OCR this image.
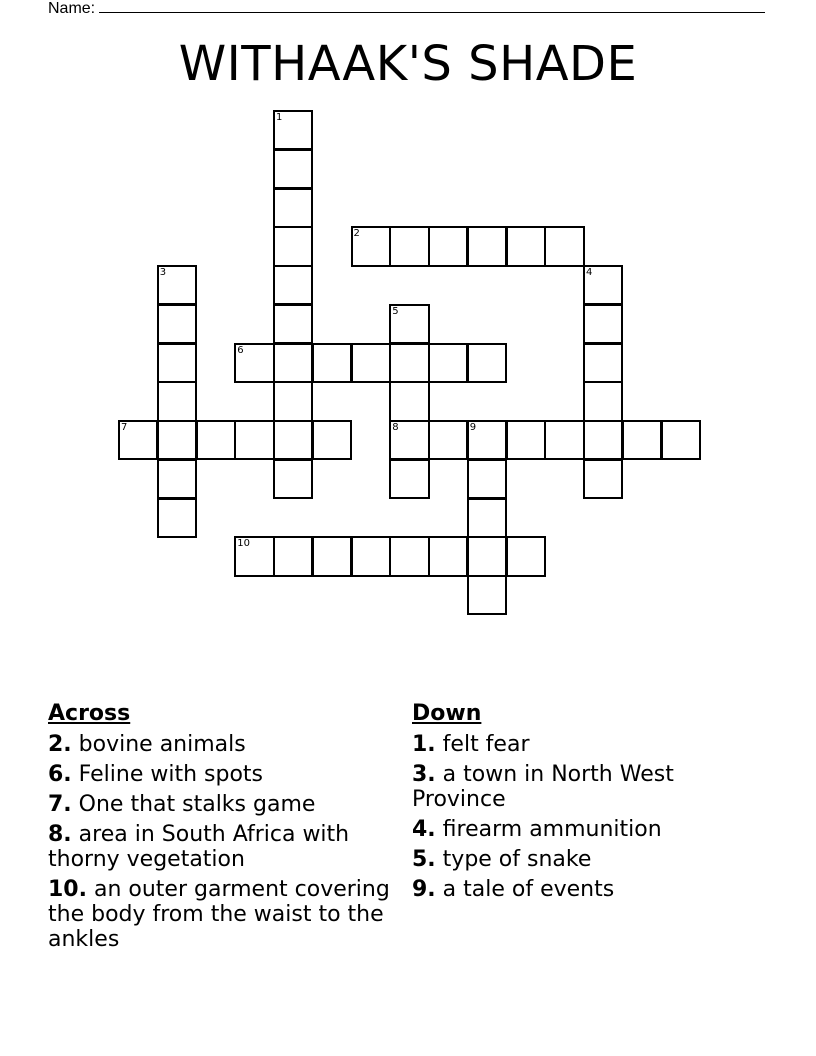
Name:
WITHAAK'S SHADE
1
2
3	4
5
8
6
7	9
10
Across
2. bovine animals
6. Feline with spots
7. One that stalks game
8. area in South Africa with thorny vegetation
10. an outer garment covering the body from the waist to the ankles
Down
1. felt fear
3. a town in North West Province
4. firearm ammunition
5. type of snake
9. a tale of events
